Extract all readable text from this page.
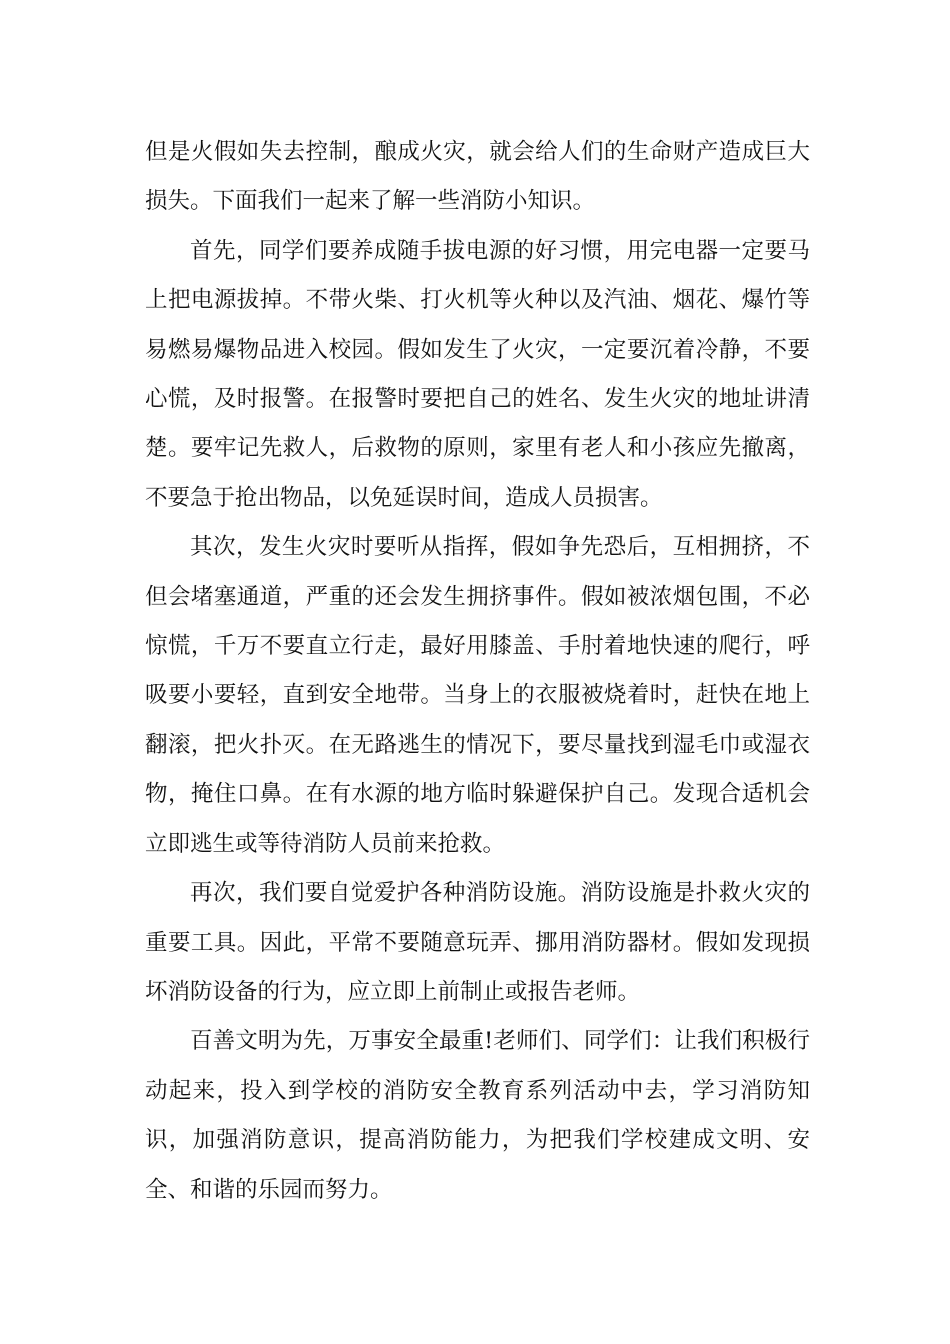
但是火假如失去控制，酿成火灾，就会给人们的生命财产造成巨大损失。下面我们一起来了解一些消防小知识。

首先，同学们要养成随手拔电源的好习惯，用完电器一定要马上把电源拔掉。不带火柴、打火机等火种以及汽油、烟花、爆竹等易燃易爆物品进入校园。假如发生了火灾，一定要沉着冷静，不要心慌，及时报警。在报警时要把自己的姓名、发生火灾的地址讲清楚。要牢记先救人，后救物的原则，家里有老人和小孩应先撤离，不要急于抢出物品，以免延误时间，造成人员损害。

其次，发生火灾时要听从指挥，假如争先恐后，互相拥挤，不但会堵塞通道，严重的还会发生拥挤事件。假如被浓烟包围，不必惊慌，千万不要直立行走，最好用膝盖、手肘着地快速的爬行，呼吸要小要轻，直到安全地带。当身上的衣服被烧着时，赶快在地上翻滚，把火扑灭。在无路逃生的情况下，要尽量找到湿毛巾或湿衣物，掩住口鼻。在有水源的地方临时躲避保护自己。发现合适机会立即逃生或等待消防人员前来抢救。

再次，我们要自觉爱护各种消防设施。消防设施是扑救火灾的重要工具。因此，平常不要随意玩弄、挪用消防器材。假如发现损坏消防设备的行为，应立即上前制止或报告老师。

百善文明为先，万事安全最重!老师们、同学们：让我们积极行动起来，投入到学校的消防安全教育系列活动中去，学习消防知识，加强消防意识，提高消防能力，为把我们学校建成文明、安全、和谐的乐园而努力。
